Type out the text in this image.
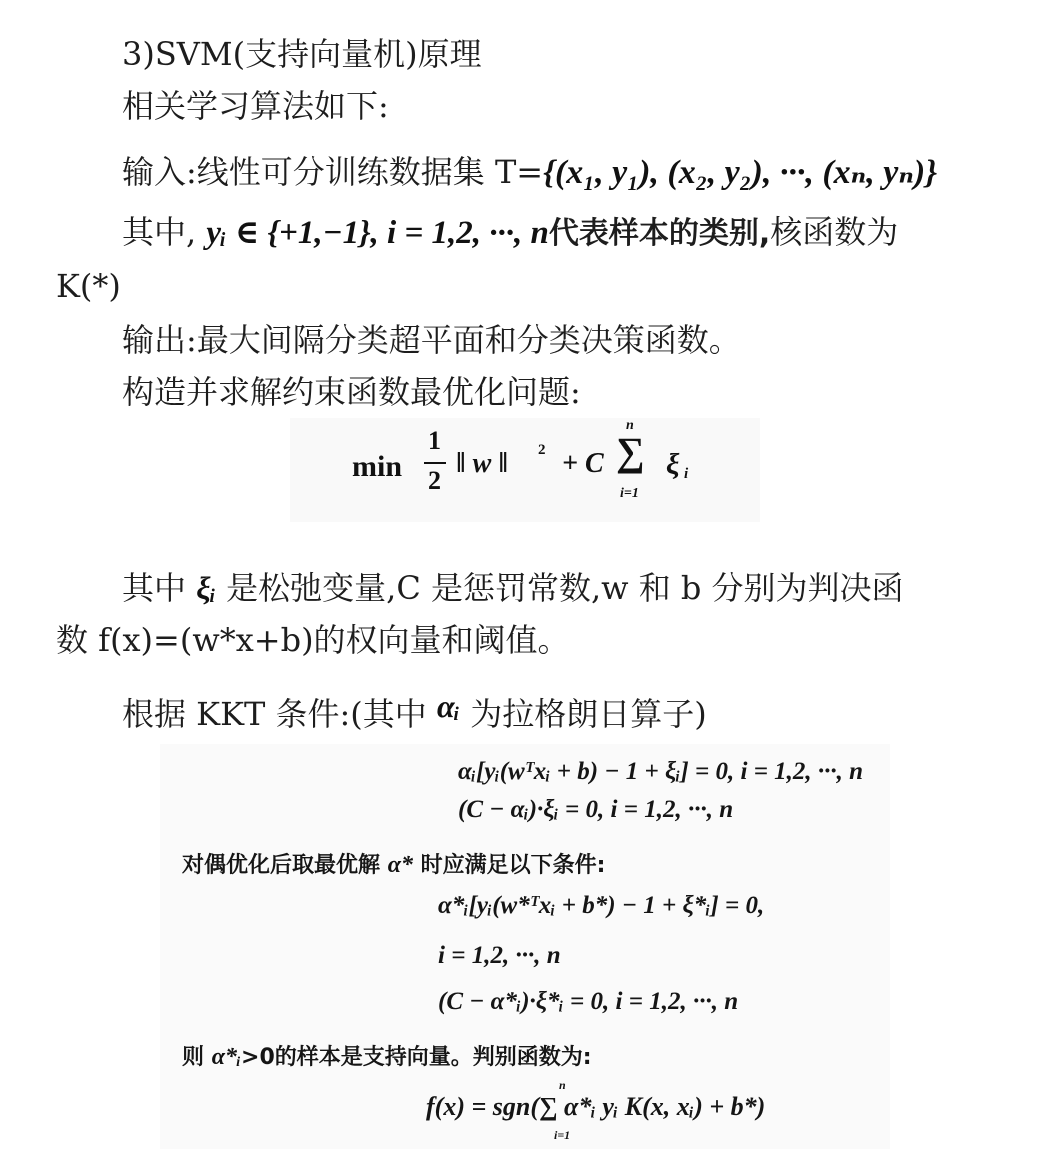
3)SVM(支持向量机)原理
相关学习算法如下:
输入:线性可分训练数据集 T={(x₁, y₁), (x₂, y₂), ···, (xₙ, yₙ)}
其中, yᵢ ∈ {+1,−1}, i = 1,2, ···, n代表样本的类别,核函数为
K(*)
输出:最大间隔分类超平面和分类决策函数。
构造并求解约束函数最优化问题:
min
1
2
‖ w ‖ 2 + C
n
∑
i=1
ξ i
其中 ξᵢ 是松弛变量,C 是惩罚常数,w 和 b 分别为判决函
数 f(x)=(w*x+b)的权向量和阈值。
根据 KKT 条件:(其中 αᵢ 为拉格朗日算子)
αᵢ[yᵢ(wᵀxᵢ + b) − 1 + ξᵢ] = 0, i = 1,2, ···, n
(C − αᵢ)·ξᵢ = 0, i = 1,2, ···, n
对偶优化后取最优解 α* 时应满足以下条件:
α*ᵢ[yᵢ(w*ᵀxᵢ + b*) − 1 + ξ*ᵢ] = 0,
i = 1,2, ···, n
(C − α*ᵢ)·ξ*ᵢ = 0, i = 1,2, ···, n
则 α*ᵢ>0的样本是支持向量。判别函数为:
n
f(x) = sgn(∑ α*ᵢ yᵢ K(x, xᵢ) + b*)
i=1
